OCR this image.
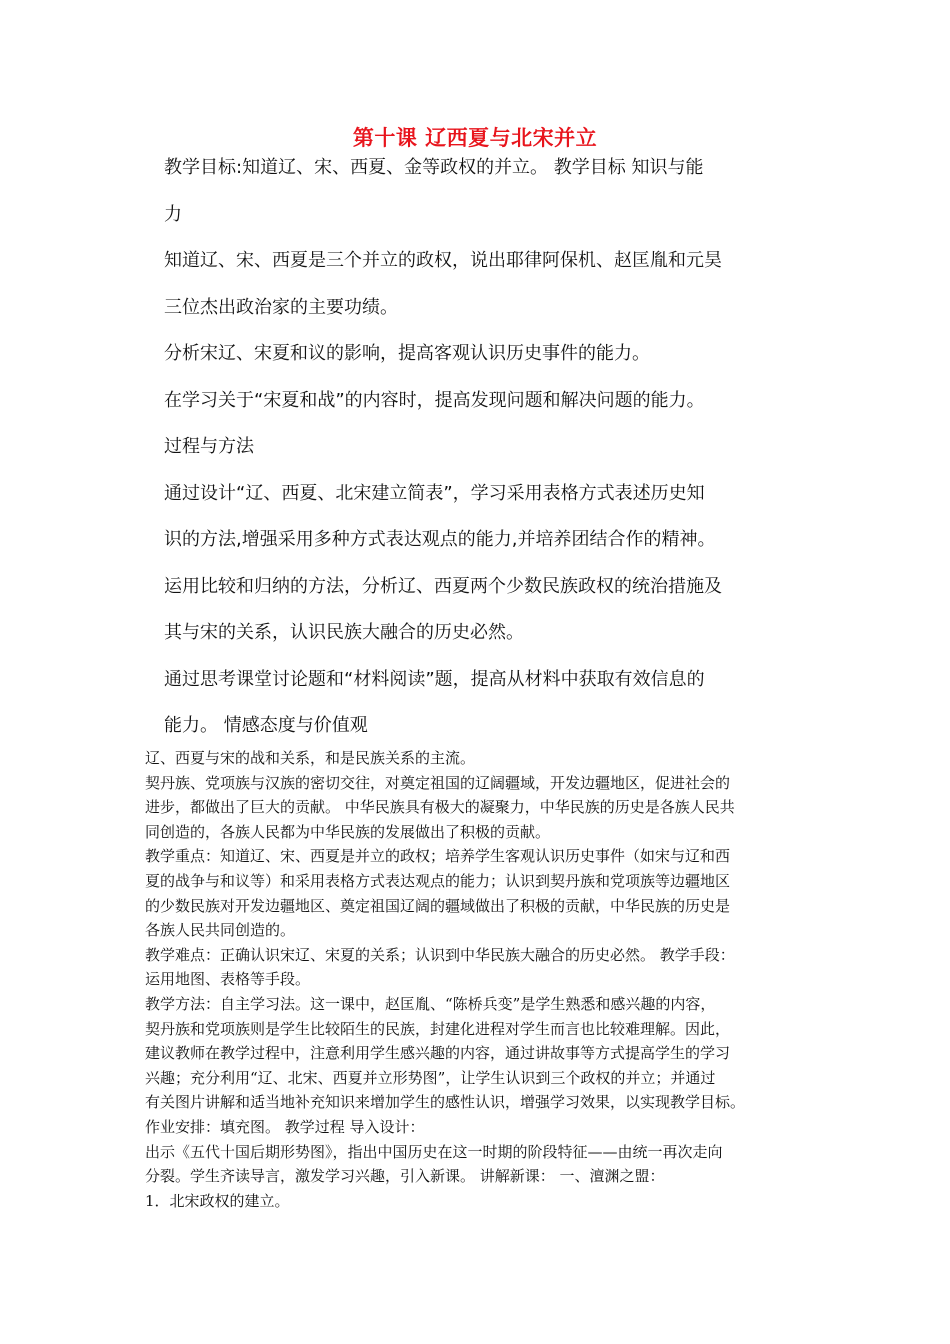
第十课 辽西夏与北宋并立

教学目标:知道辽、宋、西夏、金等政权的并立。 教学目标 知识与能

力

知道辽、宋、西夏是三个并立的政权，说出耶律阿保机、赵匡胤和元昊

三位杰出政治家的主要功绩。

分析宋辽、宋夏和议的影响，提高客观认识历史事件的能力。

在学习关于“宋夏和战”的内容时，提高发现问题和解决问题的能力。

过程与方法

通过设计“辽、西夏、北宋建立简表”，学习采用表格方式表述历史知

识的方法,增强采用多种方式表达观点的能力,并培养团结合作的精神。

运用比较和归纳的方法，分析辽、西夏两个少数民族政权的统治措施及

其与宋的关系，认识民族大融合的历史必然。

通过思考课堂讨论题和“材料阅读”题，提高从材料中获取有效信息的

能力。 情感态度与价值观

辽、西夏与宋的战和关系，和是民族关系的主流。

契丹族、党项族与汉族的密切交往，对奠定祖国的辽阔疆域，开发边疆地区，促进社会的

进步，都做出了巨大的贡献。 中华民族具有极大的凝聚力，中华民族的历史是各族人民共

同创造的，各族人民都为中华民族的发展做出了积极的贡献。

教学重点：知道辽、宋、西夏是并立的政权；培养学生客观认识历史事件（如宋与辽和西

夏的战争与和议等）和采用表格方式表达观点的能力；认识到契丹族和党项族等边疆地区

的少数民族对开发边疆地区、奠定祖国辽阔的疆域做出了积极的贡献，中华民族的历史是

各族人民共同创造的。

教学难点：正确认识宋辽、宋夏的关系；认识到中华民族大融合的历史必然。 教学手段：

运用地图、表格等手段。

教学方法：自主学习法。这一课中，赵匡胤、“陈桥兵变”是学生熟悉和感兴趣的内容，

契丹族和党项族则是学生比较陌生的民族，封建化进程对学生而言也比较难理解。因此，

建议教师在教学过程中，注意利用学生感兴趣的内容，通过讲故事等方式提高学生的学习

兴趣；充分利用“辽、北宋、西夏并立形势图”，让学生认识到三个政权的并立；并通过

有关图片讲解和适当地补充知识来增加学生的感性认识，增强学习效果，以实现教学目标。

作业安排：填充图。 教学过程 导入设计：

出示《五代十国后期形势图》，指出中国历史在这一时期的阶段特征——由统一再次走向

分裂。学生齐读导言，激发学习兴趣，引入新课。 讲解新课： 一、澶渊之盟：

1．北宋政权的建立。
